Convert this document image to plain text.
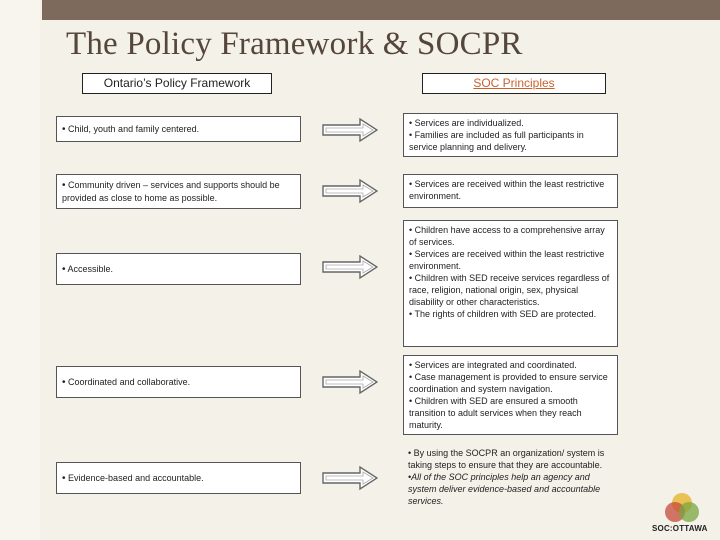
The Policy Framework & SOCPR
Ontario’s Policy Framework	SOC Principles

• Child, youth and family centered.

• Services are individualized.

• Families are included as full participants in service planning and delivery.

• Community driven – services and supports should be provided as close to home as possible.

• Services are received within the least restrictive environment.

• Accessible.

• Children have access to a comprehensive array of services.

• Services are received within the least restrictive environment.

• Children with SED receive services regardless of race, religion, national origin, sex, physical disability or other characteristics.

• The rights of children with SED are protected.

• Coordinated and collaborative.

• Services are integrated and coordinated.

• Case management is provided to ensure service coordination and system navigation.

• Children with SED are ensured a smooth transition to adult services when they reach maturity.

• Evidence-based and accountable.

• By using the SOCPR an organization/ system is taking steps to ensure that they are accountable.

•All of the SOC principles help an agency and system deliver evidence-based and accountable services.

SOC:OTTAWA
